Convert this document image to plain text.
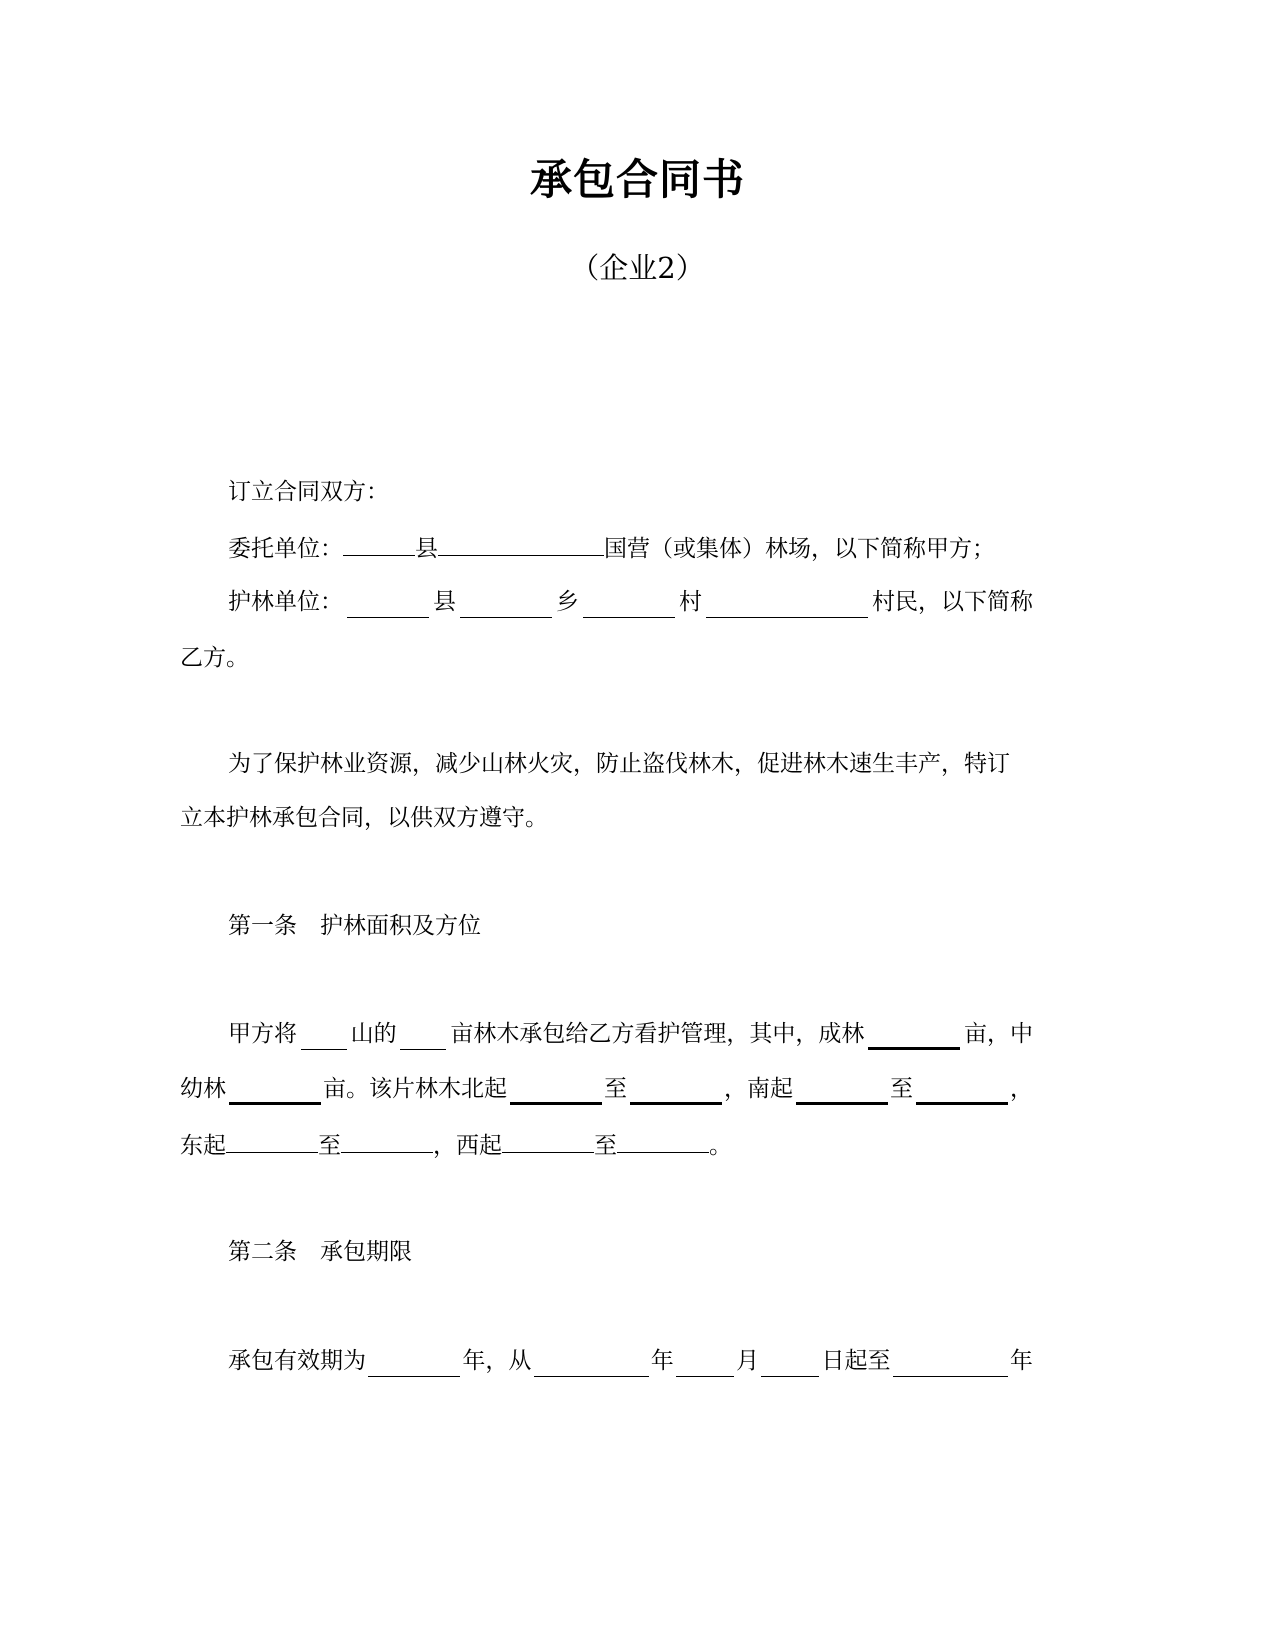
承包合同书
（企业2）
订立合同双方：
委托单位：	县	国营（或集体）林场，以下简称甲方；
护林单位：	县	乡	村	村民，以下简称
乙方。
为了保护林业资源，减少山林火灾，防止盗伐林木，促进林木速生丰产，特订
立本护林承包合同，以供双方遵守。
第一条　护林面积及方位
甲方将 山的 亩林木承包给乙方看护管理，其中，成林	亩，中
幼林	亩。该片林木北起	至	，南起	至	，
东起	至	，西起	至	。
第二条　承包期限
承包有效期为	年，从	年	月	日起至	年
